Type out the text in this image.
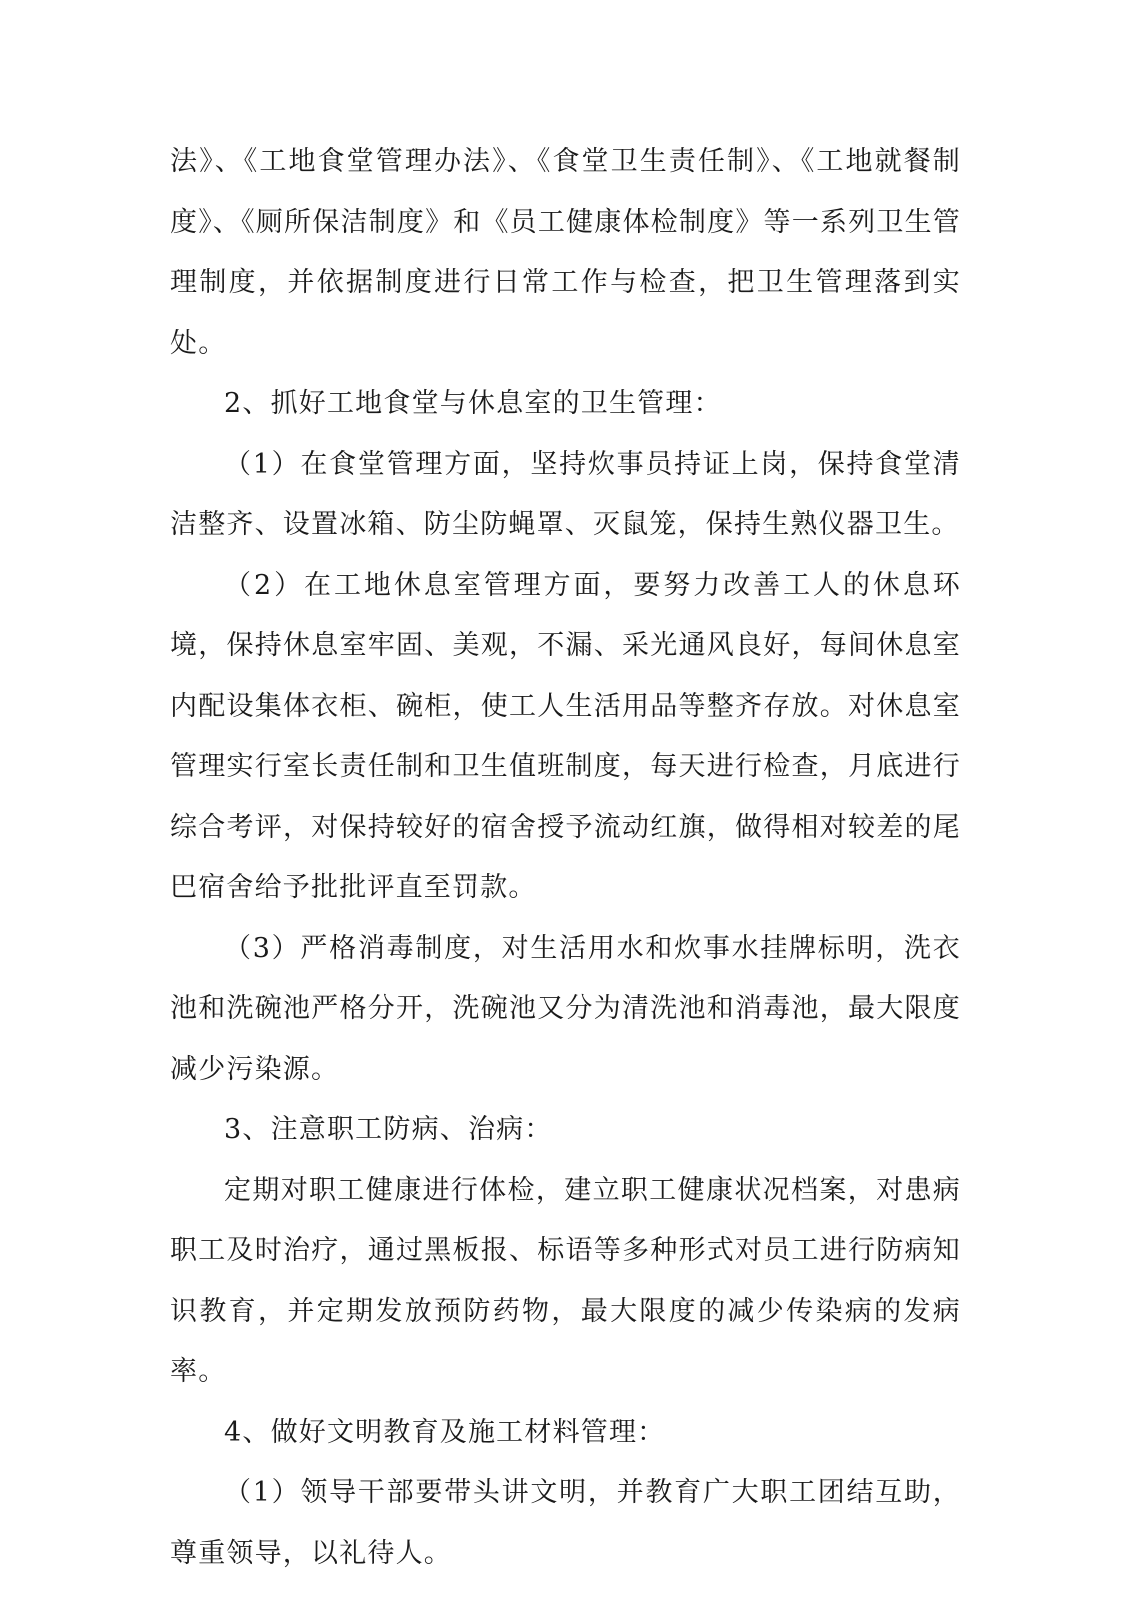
法》、《工地食堂管理办法》、《食堂卫生责任制》、《工地就餐制度》、《厕所保洁制度》和《员工健康体检制度》等一系列卫生管理制度，并依据制度进行日常工作与检查，把卫生管理落到实处。

2、抓好工地食堂与休息室的卫生管理：

（1）在食堂管理方面，坚持炊事员持证上岗，保持食堂清洁整齐、设置冰箱、防尘防蝇罩、灭鼠笼，保持生熟仪器卫生。

（2）在工地休息室管理方面，要努力改善工人的休息环境，保持休息室牢固、美观，不漏、采光通风良好，每间休息室内配设集体衣柜、碗柜，使工人生活用品等整齐存放。对休息室管理实行室长责任制和卫生值班制度，每天进行检查，月底进行综合考评，对保持较好的宿舍授予流动红旗，做得相对较差的尾巴宿舍给予批批评直至罚款。

（3）严格消毒制度，对生活用水和炊事水挂牌标明，洗衣池和洗碗池严格分开，洗碗池又分为清洗池和消毒池，最大限度减少污染源。

3、注意职工防病、治病：

定期对职工健康进行体检，建立职工健康状况档案，对患病职工及时治疗，通过黑板报、标语等多种形式对员工进行防病知识教育，并定期发放预防药物，最大限度的减少传染病的发病率。

4、做好文明教育及施工材料管理：

（1）领导干部要带头讲文明，并教育广大职工团结互助，尊重领导，以礼待人。
